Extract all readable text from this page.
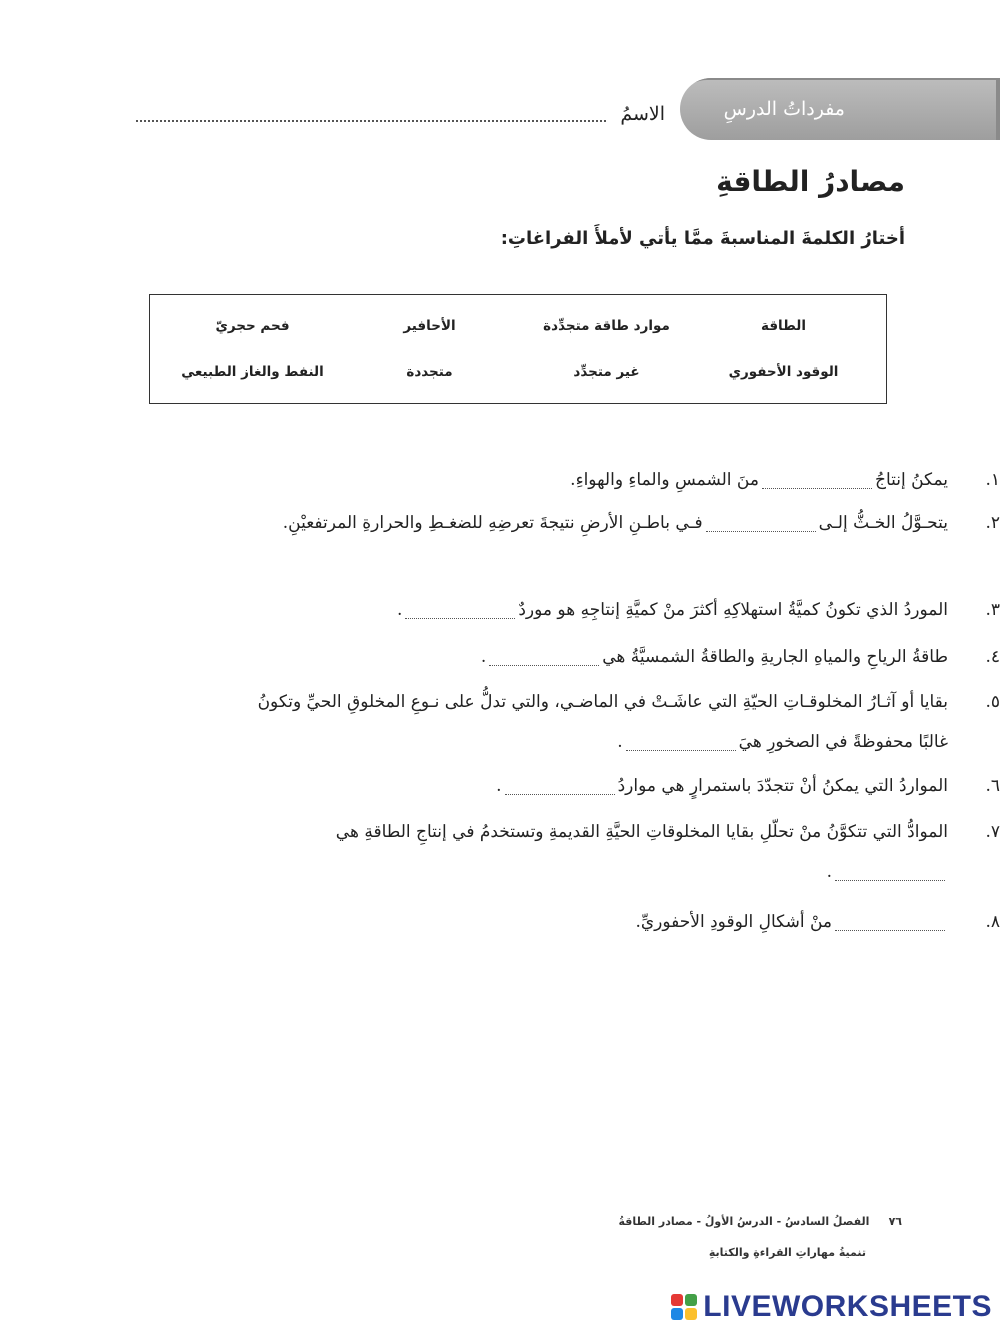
مفرداتُ الدرسِ
الاسمُ
مصادرُ الطاقةِ
أختارُ الكلمةَ المناسبةَ ممَّا يأتي لأملأَ الفراغاتِ:
الطاقة
موارد طاقة متجدِّدة
الأحافير
فحم حجريّ
الوقود الأحفوري
غير متجدِّد
متجددة
النفط والغاز الطبيعي
١.
يمكنُ إنتاجُمنَ الشمسِ والماءِ والهواءِ.
٢.
يتحـوَّلُ الخـثُّ إلـىفـي باطـنِ الأرضِ نتيجةَ تعرضِهِ للضغـطِ والحرارةِ المرتفعيْنِ.
٣.
الموردُ الذي تكونُ كميَّةُ استهلاكِهِ أكثرَ منْ كميَّةِ إنتاجِهِ هو موردٌ.
٤.
طاقةُ الرياحِ والمياهِ الجاريةِ والطاقةُ الشمسيَّةُ هي.
٥.
بقايا أو آثـارُ المخلوقـاتِ الحيّةِ التي عاشَـتْ في الماضـي، والتي تدلُّ على نـوعِ المخلوقِ الحيِّ وتكونُ غالبًا محفوظةً في الصخورِ هيَ.
٦.
المواردُ التي يمكنُ أنْ تتجدّدَ باستمرارٍ هي مواردُ.
٧.
الموادُّ التي تتكوَّنُ منْ تحلّلِ بقايا المخلوقاتِ الحيَّةِ القديمةِ وتستخدمُ في إنتاجِ الطاقةِ هي.
٨.
منْ أشكالِ الوقودِ الأحفوريِّ.
٧٦     الفصلُ السادسُ - الدرسُ الأولُ - مصادر الطاقةُ
تنميةُ مهاراتِ القراءةِ والكتابةِ
LIVEWORKSHEETS
